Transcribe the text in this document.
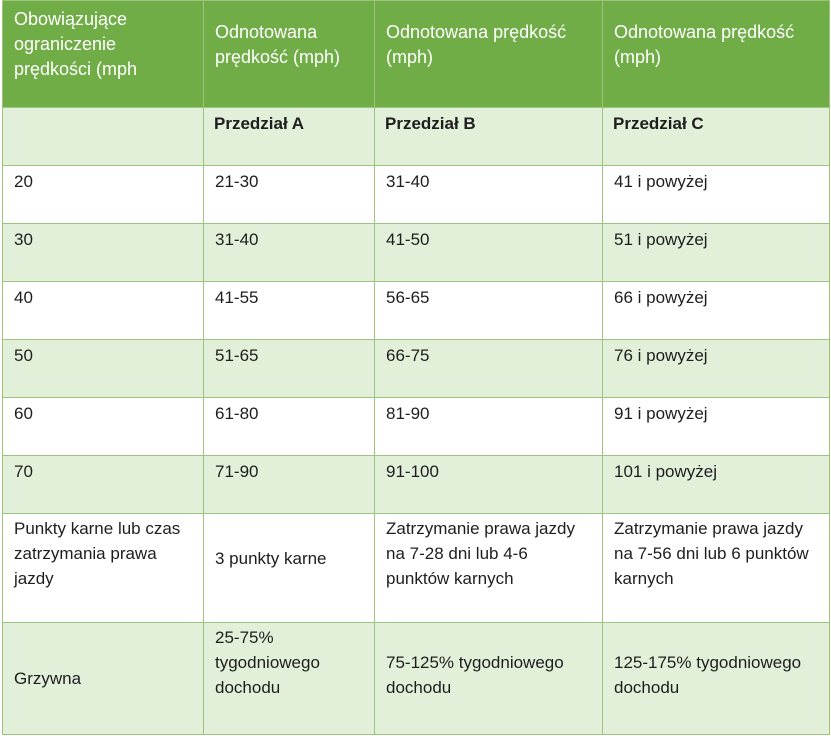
Obowiązujące ograniczenie prędkości (mph	Odnotowana prędkość (mph)	Odnotowana prędkość (mph)	Odnotowana prędkość (mph)
	Przedział A	Przedział B	Przedział C
20	21-30	31-40	41 i powyżej
30	31-40	41-50	51 i powyżej
40	41-55	56-65	66 i powyżej
50	51-65	66-75	76 i powyżej
60	61-80	81-90	91 i powyżej
70	71-90	91-100	101 i powyżej
Punkty karne lub czas zatrzymania prawa jazdy	3 punkty karne	Zatrzymanie prawa jazdy na 7-28 dni lub 4-6 punktów karnych	Zatrzymanie prawa jazdy na 7-56 dni lub 6 punktów karnych
Grzywna	25-75% tygodniowego dochodu	75-125% tygodniowego dochodu	125-175% tygodniowego dochodu
